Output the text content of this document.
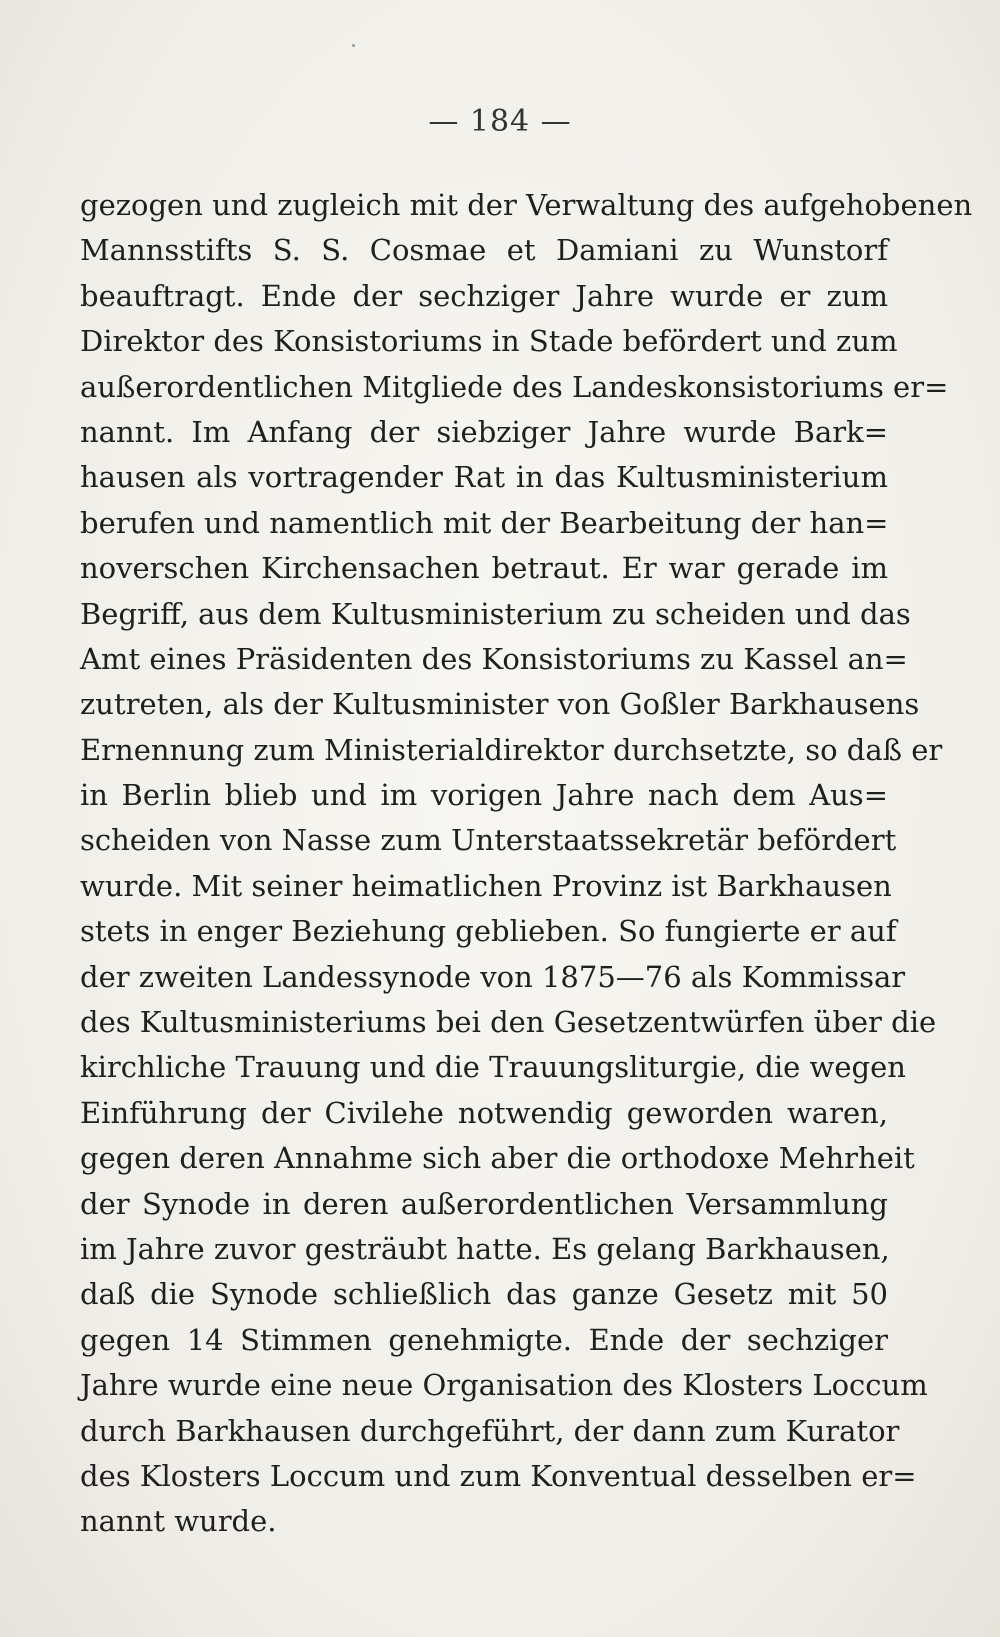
— 184 —
gezogen und zugleich mit der Verwaltung des aufgehobenen
Mannsstifts S. S. Cosmae et Damiani zu Wunstorf
beauftragt. Ende der sechziger Jahre wurde er zum
Direktor des Konsistoriums in Stade befördert und zum
außerordentlichen Mitgliede des Landeskonsistoriums er=
nannt. Im Anfang der siebziger Jahre wurde Bark=
hausen als vortragender Rat in das Kultusministerium
berufen und namentlich mit der Bearbeitung der han=
noverschen Kirchensachen betraut. Er war gerade im
Begriff, aus dem Kultusministerium zu scheiden und das
Amt eines Präsidenten des Konsistoriums zu Kassel an=
zutreten, als der Kultusminister von Goßler Barkhausens
Ernennung zum Ministerialdirektor durchsetzte, so daß er
in Berlin blieb und im vorigen Jahre nach dem Aus=
scheiden von Nasse zum Unterstaatssekretär befördert
wurde. Mit seiner heimatlichen Provinz ist Barkhausen
stets in enger Beziehung geblieben. So fungierte er auf
der zweiten Landessynode von 1875—76 als Kommissar
des Kultusministeriums bei den Gesetzentwürfen über die
kirchliche Trauung und die Trauungsliturgie, die wegen
Einführung der Civilehe notwendig geworden waren,
gegen deren Annahme sich aber die orthodoxe Mehrheit
der Synode in deren außerordentlichen Versammlung
im Jahre zuvor gesträubt hatte. Es gelang Barkhausen,
daß die Synode schließlich das ganze Gesetz mit 50
gegen 14 Stimmen genehmigte. Ende der sechziger
Jahre wurde eine neue Organisation des Klosters Loccum
durch Barkhausen durchgeführt, der dann zum Kurator
des Klosters Loccum und zum Konventual desselben er=
nannt wurde.
